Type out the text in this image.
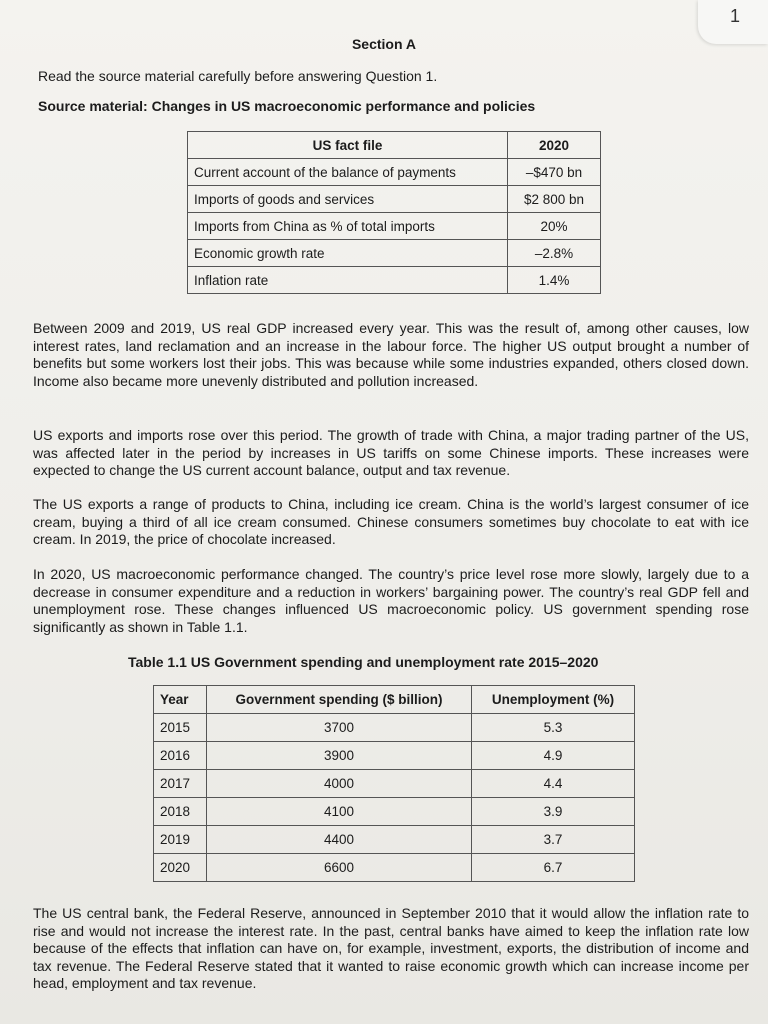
1
Section A
Read the source material carefully before answering Question 1.
Source material: Changes in US macroeconomic performance and policies
US fact file	2020
Current account of the balance of payments	–$470 bn
Imports of goods and services	$2 800 bn
Imports from China as % of total imports	20%
Economic growth rate	–2.8%
Inflation rate	1.4%

Between 2009 and 2019, US real GDP increased every year. This was the result of, among other causes, low interest rates, land reclamation and an increase in the labour force. The higher US output brought a number of benefits but some workers lost their jobs. This was because while some industries expanded, others closed down. Income also became more unevenly distributed and pollution increased.

US exports and imports rose over this period. The growth of trade with China, a major trading partner of the US, was affected later in the period by increases in US tariffs on some Chinese imports. These increases were expected to change the US current account balance, output and tax revenue.

The US exports a range of products to China, including ice cream. China is the world’s largest consumer of ice cream, buying a third of all ice cream consumed. Chinese consumers sometimes buy chocolate to eat with ice cream. In 2019, the price of chocolate increased.

In 2020, US macroeconomic performance changed. The country’s price level rose more slowly, largely due to a decrease in consumer expenditure and a reduction in workers’ bargaining power. The country’s real GDP fell and unemployment rose. These changes influenced US macroeconomic policy. US government spending rose significantly as shown in Table 1.1.

Table 1.1 US Government spending and unemployment rate 2015–2020
Year	Government spending ($ billion)	Unemployment (%)
2015	3700	5.3
2016	3900	4.9
2017	4000	4.4
2018	4100	3.9
2019	4400	3.7
2020	6600	6.7

The US central bank, the Federal Reserve, announced in September 2010 that it would allow the inflation rate to rise and would not increase the interest rate. In the past, central banks have aimed to keep the inflation rate low because of the effects that inflation can have on, for example, investment, exports, the distribution of income and tax revenue. The Federal Reserve stated that it wanted to raise economic growth which can increase income per head, employment and tax revenue.
